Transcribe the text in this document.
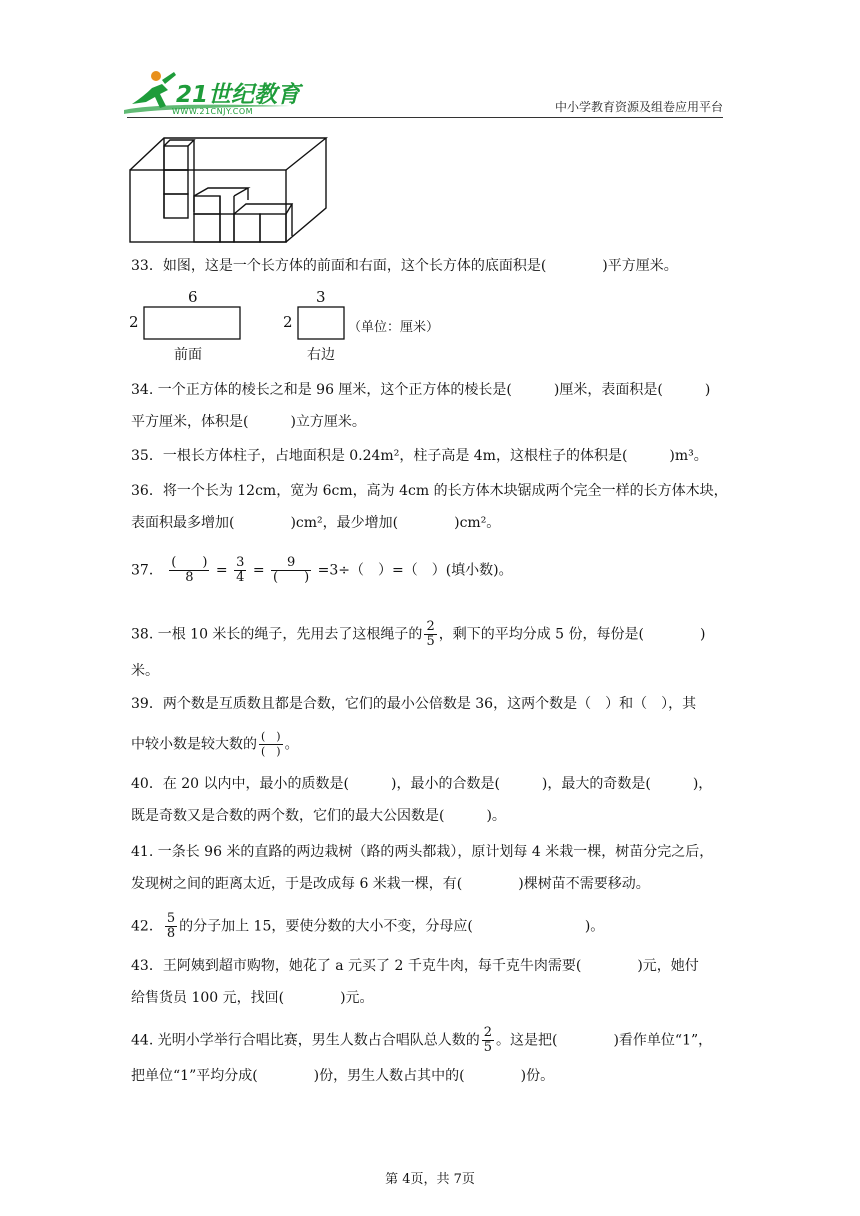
21世纪教育
WWW.21CNJY.COM	中小学教育资源及组卷应用平台
33．如图，这是一个长方体的前面和右面，这个长方体的底面积是(　　　　)平方厘米。
6
2
前面
3
2
右边
（单位：厘米）
34. 一个正方体的棱长之和是 96 厘米，这个正方体的棱长是(　　　)厘米，表面积是(　　　)
平方厘米，体积是(　　　)立方厘米。
35．一根长方体柱子，占地面积是 0.24m²，柱子高是 4m，这根柱子的体积是(　　　)m³。
36．将一个长为 12cm，宽为 6cm，高为 4cm 的长方体木块锯成两个完全一样的长方体木块，
表面积最多增加(　　　　)cm²，最少增加(　　　　)cm²。
37． $\frac{( )}{8} = \frac{3}{4} = \frac{9}{( )} =3\div$（　）=（　）(填小数)。
38. 一根 10 米长的绳子，先用去了这根绳子的 $\frac{2}{5}$ ，剩下的平均分成 5 份，每份是(　　　　)
米。
39．两个数是互质数且都是合数，它们的最小公倍数是 36，这两个数是（　）和（　），其
中较小数是较大数的 $\frac{( )}{( )}$ 。
40．在 20 以内中，最小的质数是(　　　)，最小的合数是(　　　)，最大的奇数是(　　　)，
既是奇数又是合数的两个数，它们的最大公因数是(　　　)。
41. 一条长 96 米的直路的两边栽树（路的两头都栽），原计划每 4 米栽一棵，树苗分完之后，
发现树之间的距离太近，于是改成每 6 米栽一棵，有(　　　　)棵树苗不需要移动。
42． $\frac{5}{8}$ 的分子加上 15，要使分数的大小不变，分母应(　　　　　　　　)。
43．王阿姨到超市购物，她花了 a 元买了 2 千克牛肉，每千克牛肉需要(　　　　)元，她付
给售货员 100 元，找回(　　　　)元。
44. 光明小学举行合唱比赛，男生人数占合唱队总人数的 $\frac{2}{5}$ 。这是把(　　　　)看作单位“1”，
把单位“1”平均分成(　　　　)份，男生人数占其中的(　　　　)份。
第 4页，共 7页
